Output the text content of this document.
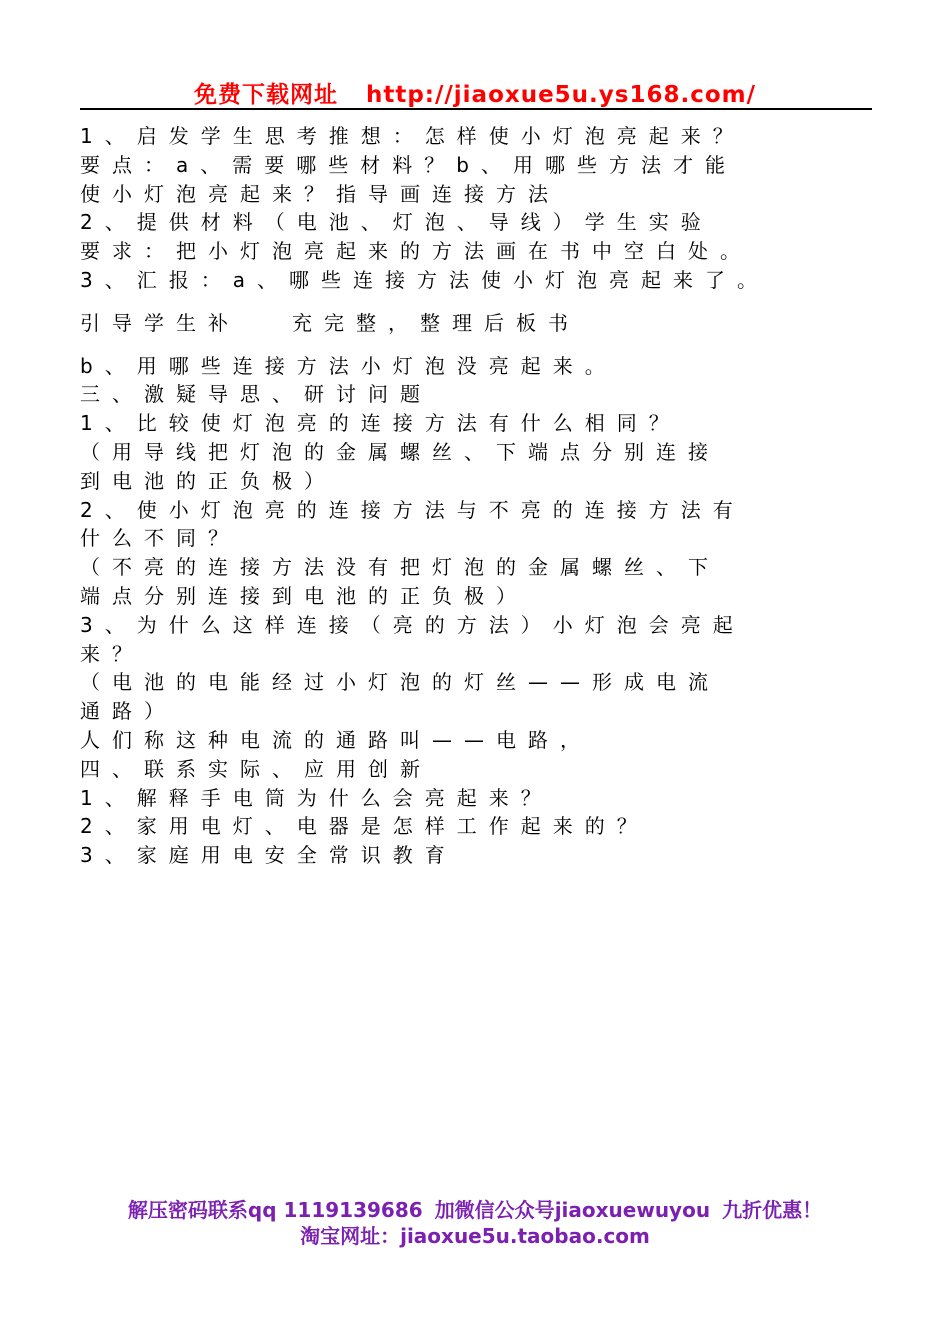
免费下载网址 http://jiaoxue5u.ys168.com/
1、启发学生思考推想：怎样使小灯泡亮起来？
要点：a、需要哪些材料？b、用哪些方法才能
使小灯泡亮起来？指导画连接方法
2、提供材料（电池、灯泡、导线）学生实验
要求：把小灯泡亮起来的方法画在书中空白处。
3、汇报：a、哪些连接方法使小灯泡亮起来了。
引导学生补	充完整，整理后板书
b、用哪些连接方法小灯泡没亮起来。
三、激疑导思、研讨问题
1、比较使灯泡亮的连接方法有什么相同？
（用导线把灯泡的金属螺丝、下端点分别连接
到电池的正负极）
2、使小灯泡亮的连接方法与不亮的连接方法有
什么不同？
（不亮的连接方法没有把灯泡的金属螺丝、下
端点分别连接到电池的正负极）
3、为什么这样连接（亮的方法）小灯泡会亮起
来？
（电池的电能经过小灯泡的灯丝——形成电流
通路）
人们称这种电流的通路叫——电路，
四、联系实际、应用创新
1、解释手电筒为什么会亮起来？
2、家用电灯、电器是怎样工作起来的？
3、家庭用电安全常识教育
解压密码联系qq 1119139686 加微信公众号jiaoxuewuyou 九折优惠！
淘宝网址：jiaoxue5u.taobao.com
